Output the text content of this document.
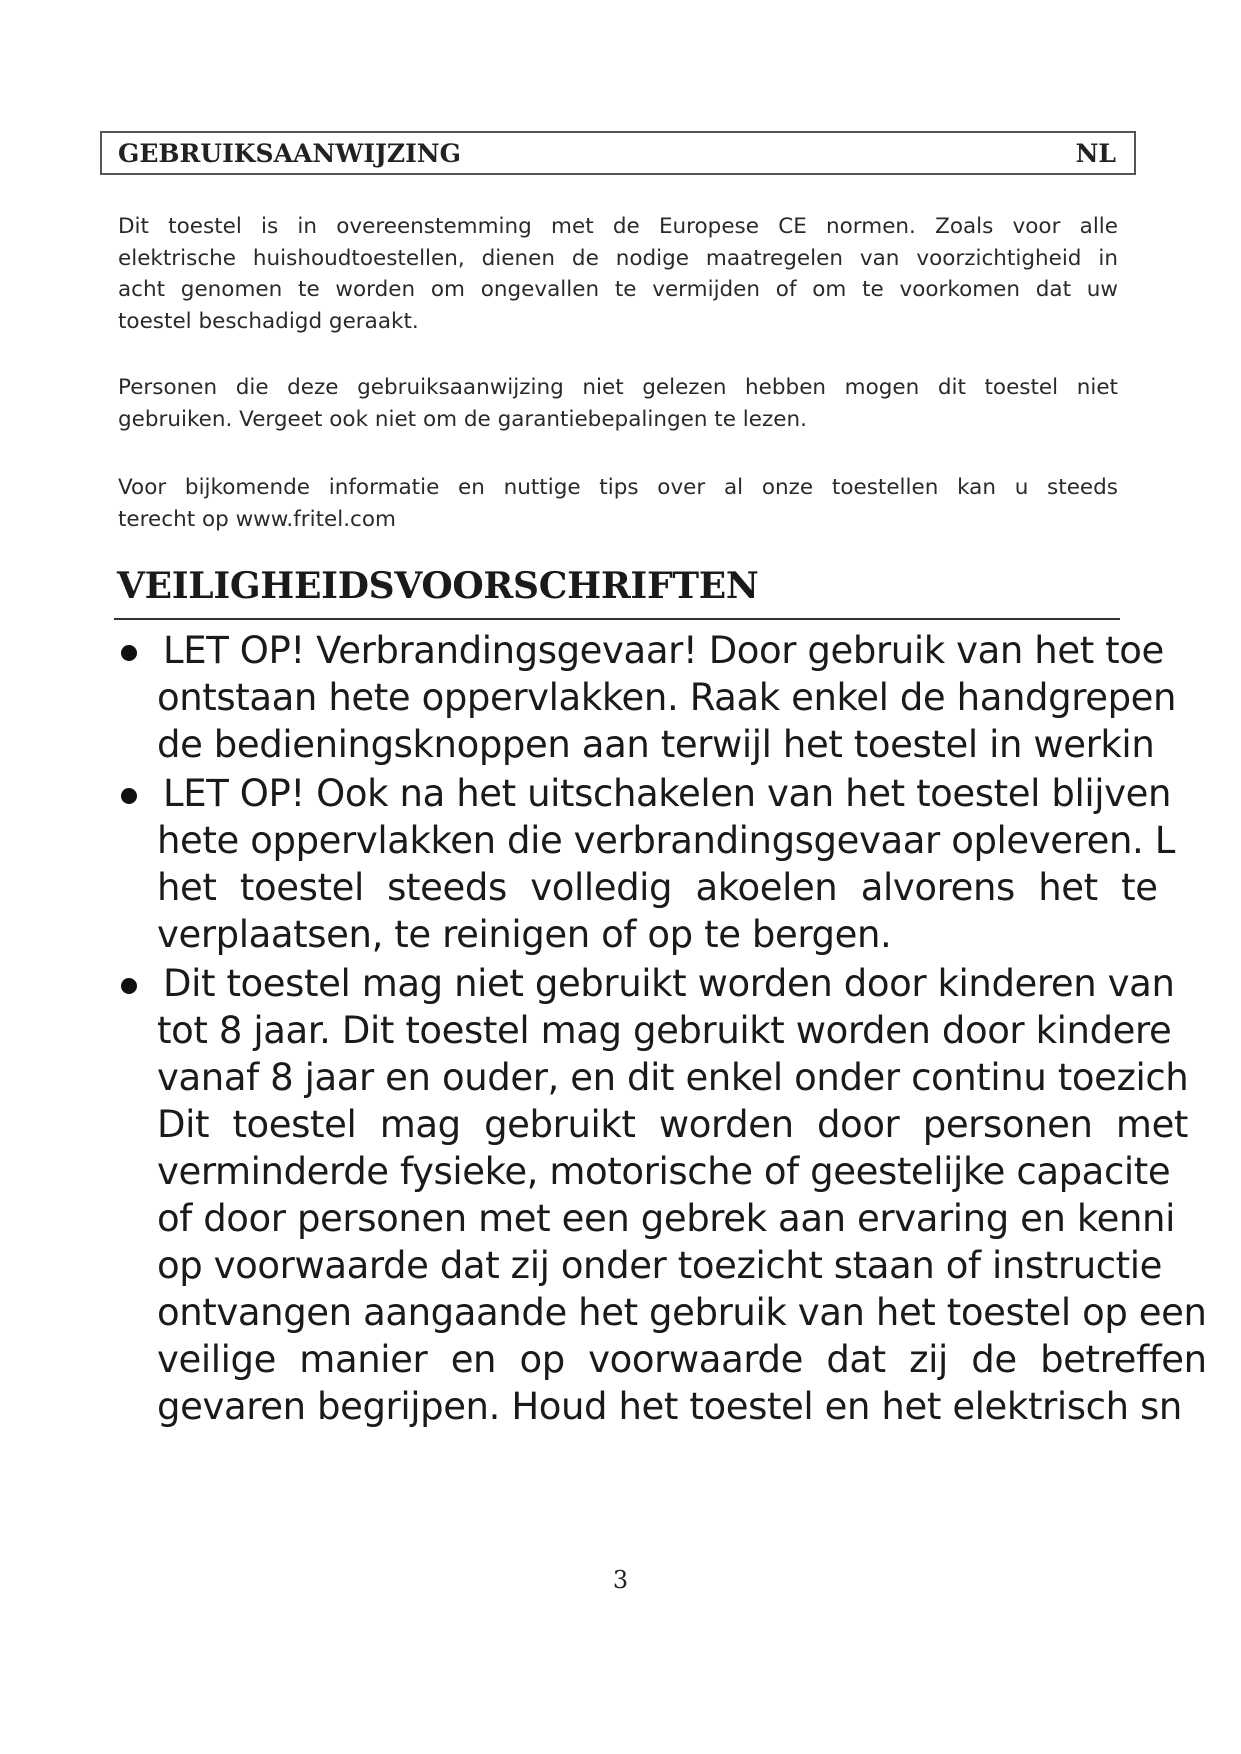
GEBRUIKSAANWIJZING	NL
Dit toestel is in overeenstemming met de Europese CE normen. Zoals voor alle
elektrische huishoudtoestellen, dienen de nodige maatregelen van voorzichtigheid in
acht genomen te worden om ongevallen te vermijden of om te voorkomen dat uw
toestel beschadigd geraakt.
Personen die deze gebruiksaanwijzing niet gelezen hebben mogen dit toestel niet
gebruiken. Vergeet ook niet om de garantiebepalingen te lezen.
Voor bijkomende informatie en nuttige tips over al onze toestellen kan u steeds
terecht op www.fritel.com
VEILIGHEIDSVOORSCHRIFTEN
LET OP! Verbrandingsgevaar! Door gebruik van het toe
ontstaan hete oppervlakken. Raak enkel de handgrepen
de bedieningsknoppen aan terwijl het toestel in werkin
LET OP! Ook na het uitschakelen van het toestel blijven
hete oppervlakken die verbrandingsgevaar opleveren. L
het toestel steeds volledig akoelen alvorens het te
verplaatsen, te reinigen of op te bergen.
Dit toestel mag niet gebruikt worden door kinderen van
tot 8 jaar. Dit toestel mag gebruikt worden door kindere
vanaf 8 jaar en ouder, en dit enkel onder continu toezich
Dit toestel mag gebruikt worden door personen met
verminderde fysieke, motorische of geestelijke capacite
of door personen met een gebrek aan ervaring en kenni
op voorwaarde dat zij onder toezicht staan of instructie
ontvangen aangaande het gebruik van het toestel op een
veilige manier en op voorwaarde dat zij de betreffen
gevaren begrijpen. Houd het toestel en het elektrisch sn
3
